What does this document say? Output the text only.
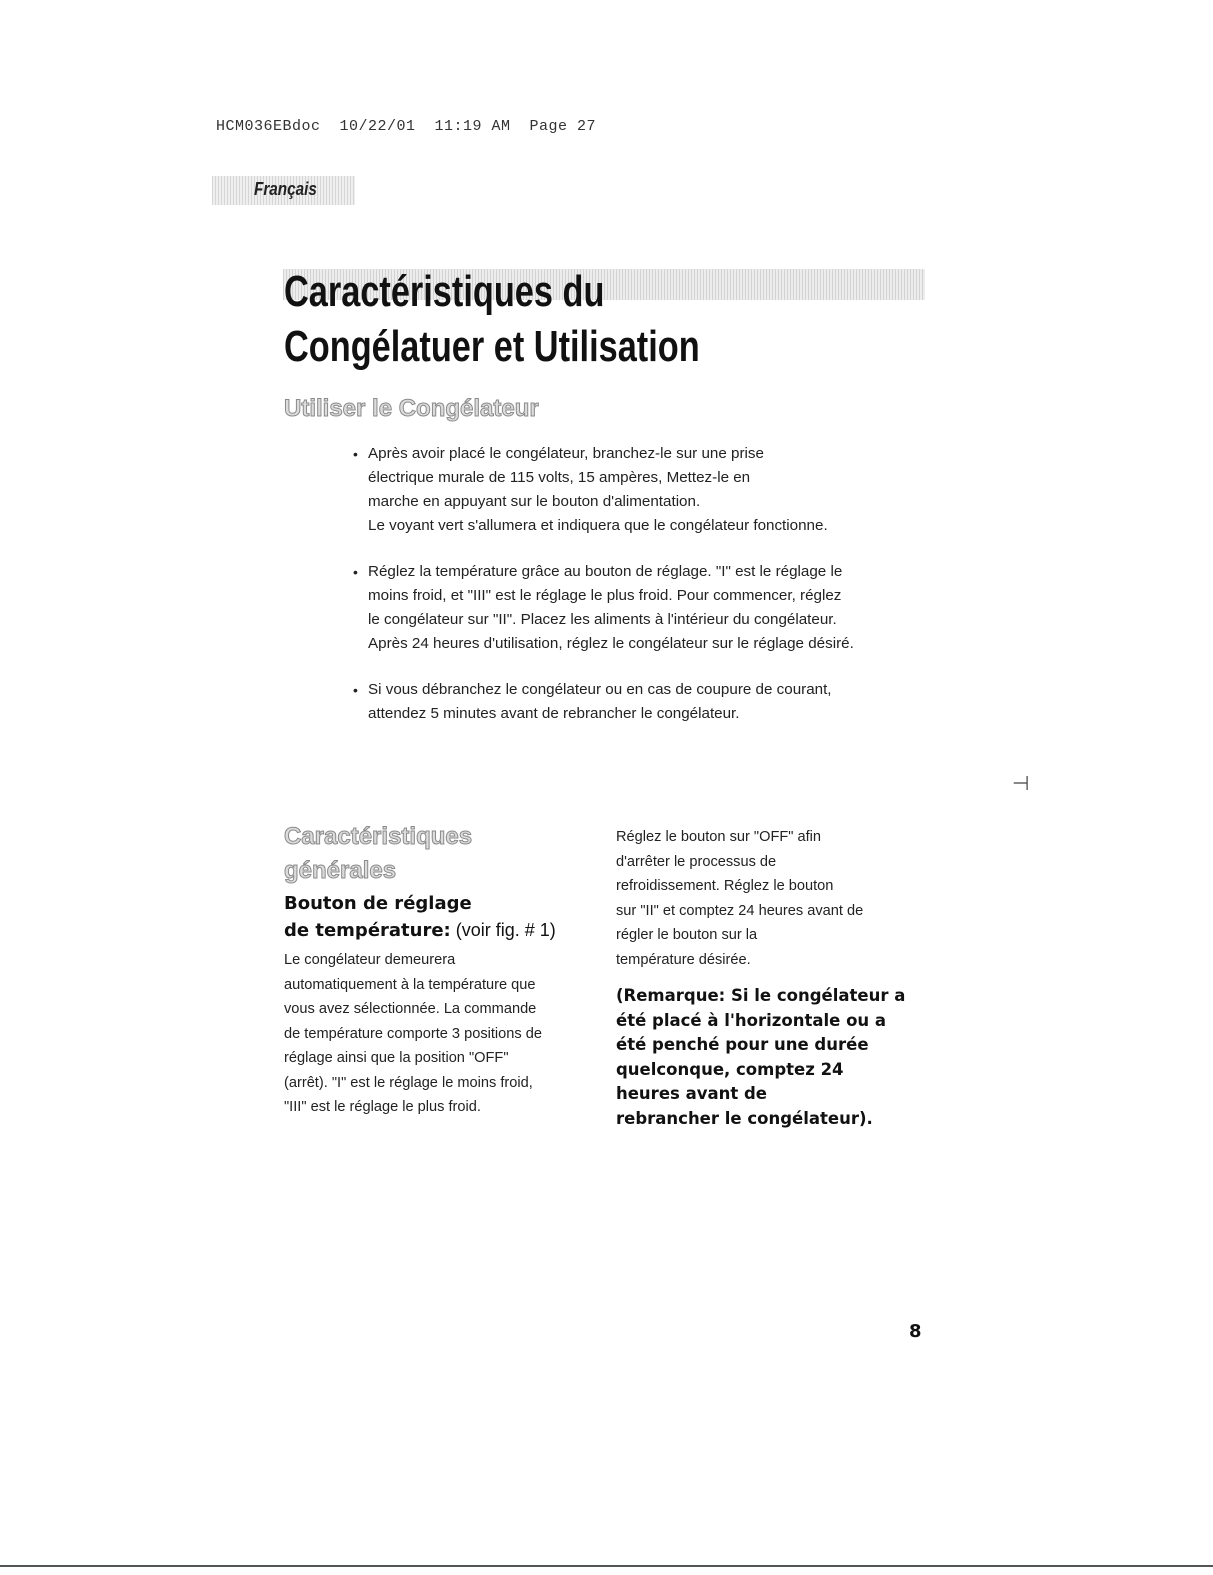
HCM036EBdoc  10/22/01  11:19 AM  Page 27
Français
Caractéristiques du
Congélatuer et Utilisation
Utiliser le Congélateur
• Après avoir placé le congélateur, branchez-le sur une prise
électrique murale de 115 volts, 15 ampères, Mettez-le en
marche en appuyant sur le bouton d'alimentation.
Le voyant vert s'allumera et indiquera que le congélateur fonctionne.
• Réglez la température grâce au bouton de réglage. "I" est le réglage le
moins froid, et "III" est le réglage le plus froid. Pour commencer, réglez
le congélateur sur "II". Placez les aliments à l'intérieur du congélateur.
Après 24 heures d'utilisation, réglez le congélateur sur le réglage désiré.
• Si vous débranchez le congélateur ou en cas de coupure de courant,
attendez 5 minutes avant de rebrancher le congélateur.
⊣
Caractéristiques
générales
Bouton de réglage
de température: (voir fig. # 1)
Le congélateur demeurera
automatiquement à la température que
vous avez sélectionnée. La commande
de température comporte 3 positions de
réglage ainsi que la position "OFF"
(arrêt). "I" est le réglage le moins froid,
"III" est le réglage le plus froid.
Réglez le bouton sur "OFF" afin
d'arrêter le processus de
refroidissement. Réglez le bouton
sur "II" et comptez 24 heures avant de
régler le bouton sur la
température désirée.
(Remarque: Si le congélateur a
été placé à l'horizontale ou a
été penché pour une durée
quelconque, comptez 24
heures avant de
rebrancher le congélateur).
8
